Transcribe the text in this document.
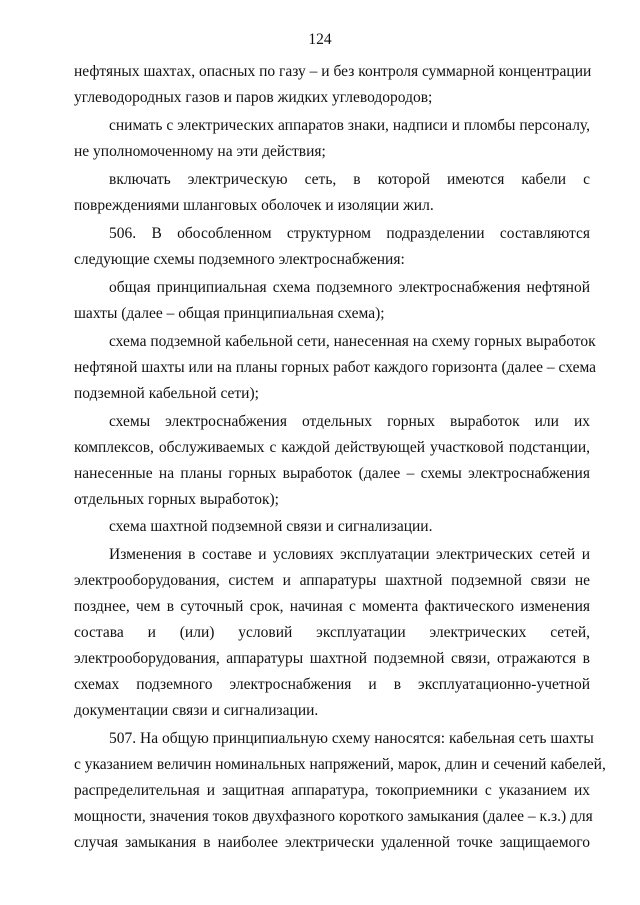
124
нефтяных шахтах, опасных по газу – и без контроля суммарной концентрации
углеводородных газов и паров жидких углеводородов;
снимать с электрических аппаратов знаки, надписи и пломбы персоналу,
не уполномоченному на эти действия;
включать электрическую сеть, в которой имеются кабели с
повреждениями шланговых оболочек и изоляции жил.
506. В обособленном структурном подразделении составляются
следующие схемы подземного электроснабжения:
общая принципиальная схема подземного электроснабжения нефтяной
шахты (далее – общая принципиальная схема);
схема подземной кабельной сети, нанесенная на схему горных выработок
нефтяной шахты или на планы горных работ каждого горизонта (далее – схема
подземной кабельной сети);
схемы электроснабжения отдельных горных выработок или их
комплексов, обслуживаемых с каждой действующей участковой подстанции,
нанесенные на планы горных выработок (далее – схемы электроснабжения
отдельных горных выработок);
схема шахтной подземной связи и сигнализации.
Изменения в составе и условиях эксплуатации электрических сетей и
электрооборудования, систем и аппаратуры шахтной подземной связи не
позднее, чем в суточный срок, начиная с момента фактического изменения
состава и (или) условий эксплуатации электрических сетей,
электрооборудования, аппаратуры шахтной подземной связи, отражаются в
схемах подземного электроснабжения и в эксплуатационно-учетной
документации связи и сигнализации.
507. На общую принципиальную схему наносятся: кабельная сеть шахты
с указанием величин номинальных напряжений, марок, длин и сечений кабелей,
распределительная и защитная аппаратура, токоприемники с указанием их
мощности, значения токов двухфазного короткого замыкания (далее – к.з.) для
случая замыкания в наиболее электрически удаленной точке защищаемого
